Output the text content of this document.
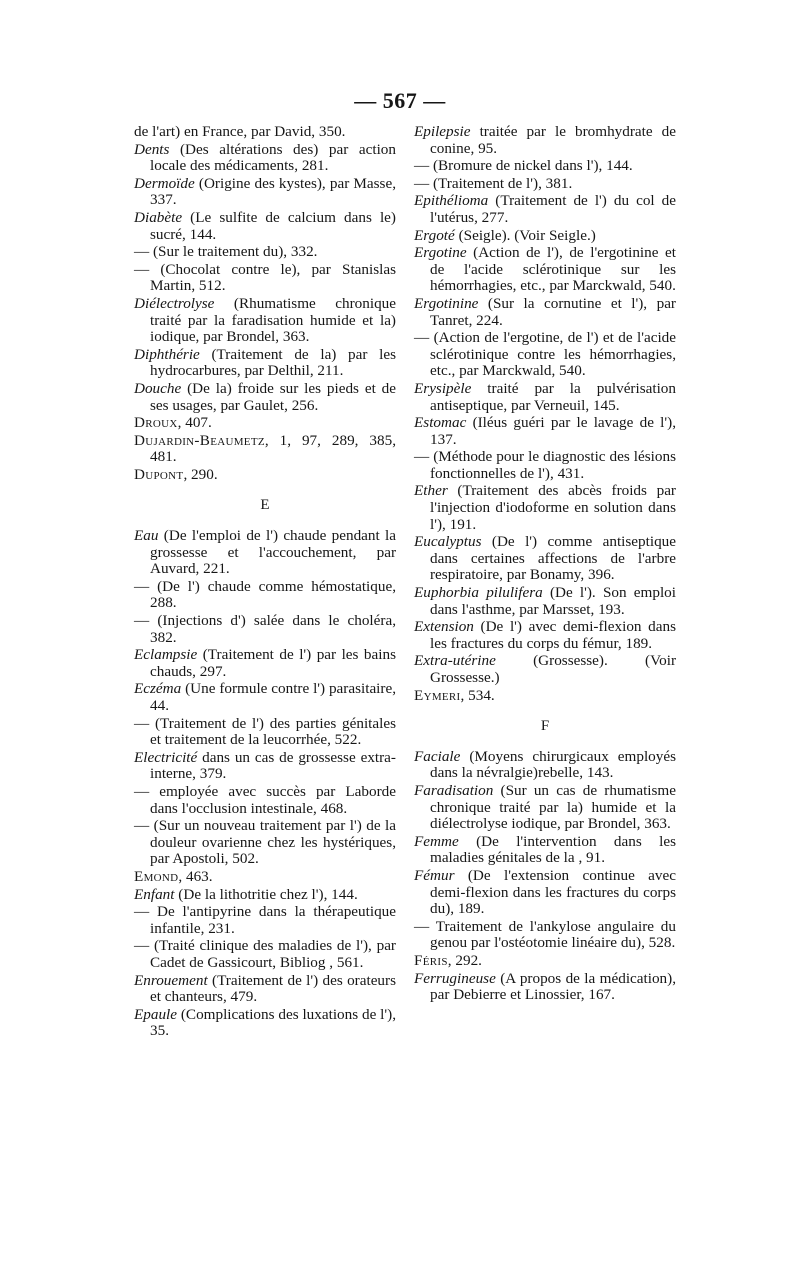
— 567 —
de l'art) en France, par David, 350.
Dents (Des altérations des) par action locale des médicaments, 281.
Dermoïde (Origine des kystes), par Masse, 337.
Diabète (Le sulfite de calcium dans le) sucré, 144.
— (Sur le traitement du), 332.
— (Chocolat contre le), par Stanislas Martin, 512.
Diélectrolyse (Rhumatisme chronique traité par la faradisation humide et la) iodique, par Brondel, 363.
Diphthérie (Traitement de la) par les hydrocarbures, par Delthil, 211.
Douche (De la) froide sur les pieds et de ses usages, par Gaulet, 256.
Droux, 407.
Dujardin-Beaumetz, 1, 97, 289, 385, 481.
Dupont, 290.
E
Eau (De l'emploi de l') chaude pendant la grossesse et l'accouchement, par Auvard, 221.
— (De l') chaude comme hémostatique, 288.
— (Injections d') salée dans le choléra, 382.
Eclampsie (Traitement de l') par les bains chauds, 297.
Eczéma (Une formule contre l') parasitaire, 44.
— (Traitement de l') des parties génitales et traitement de la leucorrhée, 522.
Electricité dans un cas de grossesse extra-interne, 379.
— employée avec succès par Laborde dans l'occlusion intestinale, 468.
— (Sur un nouveau traitement par l') de la douleur ovarienne chez les hystériques, par Apostoli, 502.
Emond, 463.
Enfant (De la lithotritie chez l'), 144.
— De l'antipyrine dans la thérapeutique infantile, 231.
— (Traité clinique des maladies de l'), par Cadet de Gassicourt, Bibliog , 561.
Enrouement (Traitement de l') des orateurs et chanteurs, 479.
Epaule (Complications des luxations de l'), 35.
Epilepsie traitée par le bromhydrate de conine, 95.
— (Bromure de nickel dans l'), 144.
— (Traitement de l'), 381.
Epithélioma (Traitement de l') du col de l'utérus, 277.
Ergoté (Seigle). (Voir Seigle.)
Ergotine (Action de l'), de l'ergotinine et de l'acide sclérotinique sur les hémorrhagies, etc., par Marckwald, 540.
Ergotinine (Sur la cornutine et l'), par Tanret, 224.
— (Action de l'ergotine, de l') et de l'acide sclérotinique contre les hémorrhagies, etc., par Marckwald, 540.
Erysipèle traité par la pulvérisation antiseptique, par Verneuil, 145.
Estomac (Iléus guéri par le lavage de l'), 137.
— (Méthode pour le diagnostic des lésions fonctionnelles de l'), 431.
Ether (Traitement des abcès froids par l'injection d'iodoforme en solution dans l'), 191.
Eucalyptus (De l') comme antiseptique dans certaines affections de l'arbre respiratoire, par Bonamy, 396.
Euphorbia pilulifera (De l'). Son emploi dans l'asthme, par Marsset, 193.
Extension (De l') avec demi-flexion dans les fractures du corps du fémur, 189.
Extra-utérine (Grossesse). (Voir Grossesse.)
Eymeri, 534.
F
Faciale (Moyens chirurgicaux employés dans la névralgie)rebelle, 143.
Faradisation (Sur un cas de rhumatisme chronique traité par la) humide et la diélectrolyse iodique, par Brondel, 363.
Femme (De l'intervention dans les maladies génitales de la , 91.
Fémur (De l'extension continue avec demi-flexion dans les fractures du corps du), 189.
— Traitement de l'ankylose angulaire du genou par l'ostéotomie linéaire du), 528.
Féris, 292.
Ferrugineuse (A propos de la médication), par Debierre et Linossier, 167.
